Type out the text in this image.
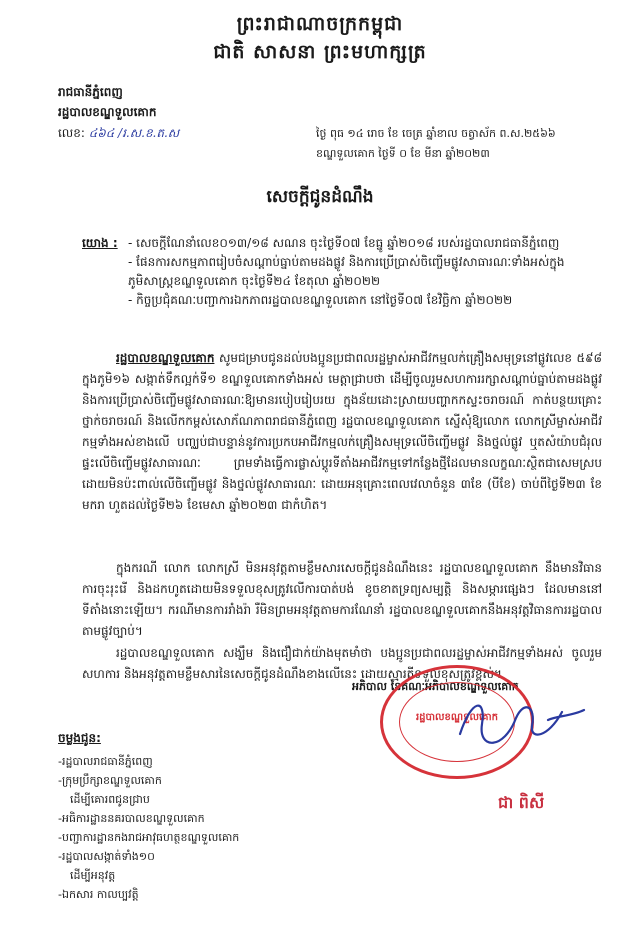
ព្រះរាជាណាចក្រកម្ពុជា
ជាតិ សាសនា ព្រះមហាក្សត្រ
រាជធានីភ្នំពេញ
រដ្ឋបាលខណ្ឌទួលគោក
លេខ: ៤៦៤ /រ.ស.ខ.ត.ស	ថ្ងៃ ពុធ ១៤ រោច ខែ ចេត្រ ឆ្នាំខាល ចត្វាស័ក ព.ស.២៥៦៦
ខណ្ឌទួលគោក ថ្ងៃទី ០ ខែ មីនា ឆ្នាំ២០២៣
សេចក្តីជូនដំណឹង
យោង : - សេចក្តីណែនាំលេខ០១៣/១៨ សណន ចុះថ្ងៃទី០៧ ខែធ្នូ ឆ្នាំ២០១៨ របស់រដ្ឋបាលរាជធានីភ្នំពេញ
- ផែនការសកម្មភាពរៀបចំសណ្តាប់ធ្នាប់តាមដងផ្លូវ និងការប្រើប្រាស់ចិញ្ចើមផ្លូវសាធារណៈទាំងអស់ក្នុងភូមិសាស្ត្រខណ្ឌទួលគោក ចុះថ្ងៃទី២៤ ខែតុលា ឆ្នាំ២០២២
- កិច្ចប្រជុំគណៈបញ្ជាការឯកភាពរដ្ឋបាលខណ្ឌទួលគោក នៅថ្ងៃទី០៧ ខែវិច្ឆិកា ឆ្នាំ២០២២
រដ្ឋបាលខណ្ឌទួលគោក សូមជម្រាបជូនដល់បងប្អូនប្រជាពលរដ្ឋម្ចាស់អាជីវកម្មលក់គ្រឿងសមុទ្រនៅផ្លូវលេខ ៥៩៨ ក្នុងភូមិ១៦ សង្កាត់ទឹកល្អក់ទី១ ខណ្ឌទួលគោកទាំងអស់ មេត្តាជ្រាបថា ដើម្បីចូលរួមសហការរក្សាសណ្តាប់ធ្នាប់តាមដងផ្លូវ និងការប្រើប្រាស់ចិញ្ចើមផ្លូវសាធារណៈឱ្យមានរបៀបរៀបរយ ក្នុងន័យដោះស្រាយបញ្ហាកកស្ទះចរាចរណ៍ កាត់បន្ថយគ្រោះថ្នាក់ចរាចរណ៍ និងលើកកម្ពស់សោភ័ណភាពរាជធានីភ្នំពេញ រដ្ឋបាលខណ្ឌទួលគោក ស្នើសុំឱ្យលោក លោកស្រីម្ចាស់អាជីវកម្មទាំងអស់ខាងលើ បញ្ឈប់ជាបន្ទាន់នូវការប្រកបអាជីវកម្មលក់គ្រឿងសមុទ្រលើចិញ្ចើមផ្លូវ និងថ្នល់ផ្លូវ ឬតសំយ៉ាបជំរុលផ្ទះលើចិញ្ចើមផ្លូវសាធារណៈ ព្រមទាំងធ្វើការផ្លាស់ប្តូរទីតាំងអាជីវកម្មទៅកន្លែងថ្មីដែលមានលក្ខណៈស្ថិតជាសេមស្រប ដោយមិនប៉ះពាល់លើចិញ្ចើមផ្លូវ និងថ្នល់ផ្លូវសាធារណៈ ដោយអនុគ្រោះពេលវេលាចំនួន ៣ខែ (បីខែ) ចាប់ពីថ្ងៃទី២៣ ខែមករា ហួតដល់ថ្ងៃទី២៦ ខែមេសា ឆ្នាំ២០២៣ ជាកំហិត។
ក្នុងករណី លោក លោកស្រី មិនអនុវត្តតាមខ្លឹមសារសេចក្តីជូនដំណឹងនេះ រដ្ឋបាលខណ្ឌទួលគោក នឹងមានវិធានការចុះរុះរើ និងដកហូតដោយមិនទទួលខុសត្រូវលើការបាត់បង់ ខូចខាតទ្រព្យសម្បត្តិ និងសម្ភារផ្សេងៗ ដែលមាននៅទីតាំងនោះឡើយ។ ករណីមានការរាំងរ៉ា រឺមិនព្រមអនុវត្តតាមការណែនាំ រដ្ឋបាលខណ្ឌទួលគោកនឹងអនុវត្តវិធានការរដ្ឋបាលតាមផ្លូវច្បាប់។
រដ្ឋបាលខណ្ឌទួលគោក សង្ឃឹម និងជឿជាក់យ៉ាងមុតមាំថា បងប្អូនប្រជាពលរដ្ឋម្ចាស់អាជីវកម្មទាំងអស់ ចូលរួមសហការ និងអនុវត្តតាមខ្លឹមសារនៃសេចក្តីជូនដំណឹងខាងលើនេះ ដោយស្មារតីទទួលខុសត្រូវខ្ពស់។
អភិបាល នៃគណៈអភិបាលខណ្ឌទួលគោក
រដ្ឋបាលខណ្ឌទួលគោក
ជា ពិសី
ចម្លងជូន:
-រដ្ឋបាលរាជធានីភ្នំពេញ
-ក្រុមប្រឹក្សាខណ្ឌទួលគោក
ដើម្បីគោរពជូនជ្រាប
-អធិការដ្ឋាននគរបាលខណ្ឌទួលគោក
-បញ្ជាការដ្ឋានកងរាជអាវុធហត្ថខណ្ឌទួលគោក
-រដ្ឋបាលសង្កាត់ទាំង១០
ដើម្បីអនុវត្ត
-ឯកសារ កាលប្បវត្តិ
